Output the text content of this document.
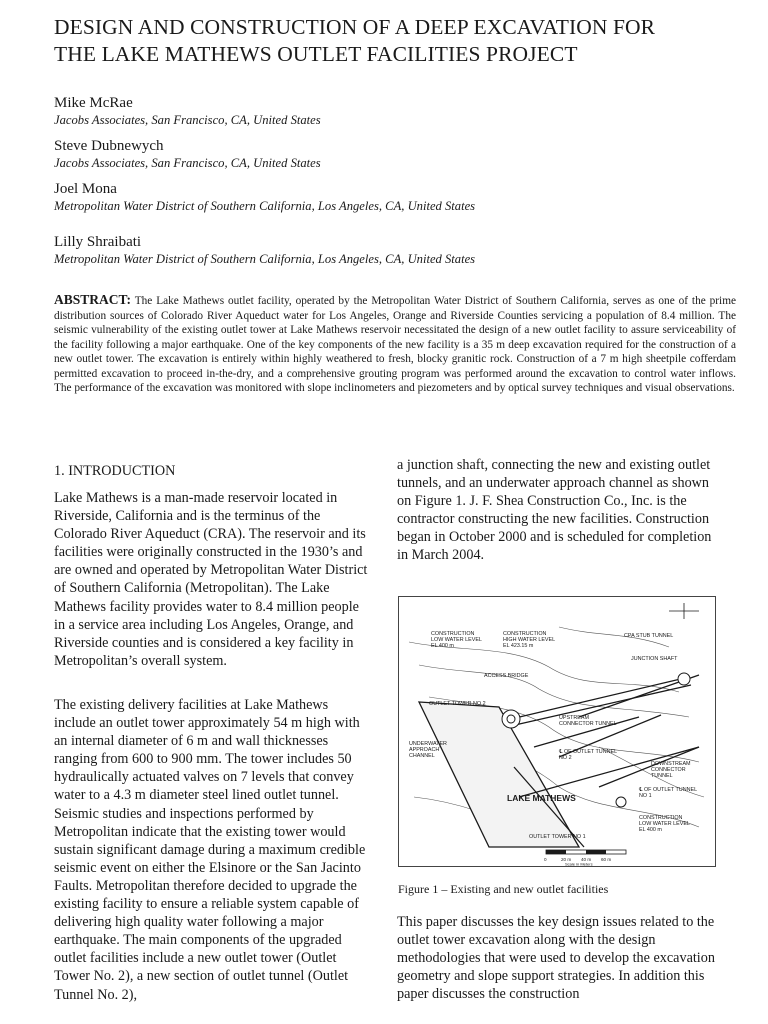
DESIGN AND CONSTRUCTION OF A DEEP EXCAVATION FOR
THE LAKE MATHEWS OUTLET FACILITIES PROJECT
Mike McRae
Jacobs Associates, San Francisco, CA, United States
Steve Dubnewych
Jacobs Associates, San Francisco, CA, United States
Joel Mona
Metropolitan Water District of Southern California, Los Angeles, CA, United States
Lilly Shraibati
Metropolitan Water District of Southern California, Los Angeles, CA, United States
ABSTRACT: The Lake Mathews outlet facility, operated by the Metropolitan Water District of Southern California, serves as one of the prime distribution sources of Colorado River Aqueduct water for Los Angeles, Orange and Riverside Counties servicing a population of 8.4 million. The seismic vulnerability of the existing outlet tower at Lake Mathews reservoir necessitated the design of a new outlet facility to assure serviceability of the facility following a major earthquake. One of the key components of the new facility is a 35 m deep excavation required for the construction of a new outlet tower. The excavation is entirely within highly weathered to fresh, blocky granitic rock. Construction of a 7 m high sheetpile cofferdam permitted excavation to proceed in-the-dry, and a comprehensive grouting program was performed around the excavation to control water inflows. The performance of the excavation was monitored with slope inclinometers and piezometers and by optical survey techniques and visual observations.
1. INTRODUCTION

Lake Mathews is a man-made reservoir located in Riverside, California and is the terminus of the Colorado River Aqueduct (CRA). The reservoir and its facilities were originally constructed in the 1930’s and are owned and operated by Metropolitan Water District of Southern California (Metropolitan). The Lake Mathews facility provides water to 8.4 million people in a service area including Los Angeles, Orange, and Riverside counties and is considered a key facility in Metropolitan’s overall system.

The existing delivery facilities at Lake Mathews include an outlet tower approximately 54 m high with an internal diameter of 6 m and wall thicknesses ranging from 600 to 900 mm. The tower includes 50 hydraulically actuated valves on 7 levels that convey water to a 4.3 m diameter steel lined outlet tunnel. Seismic studies and inspections performed by Metropolitan indicate that the existing tower would sustain significant damage during a maximum credible seismic event on either the Elsinore or the San Jacinto Faults. Metropolitan therefore decided to upgrade the existing facility to ensure a reliable system capable of delivering high quality water following a major earthquake. The main components of the upgraded outlet facilities include a new outlet tower (Outlet Tower No. 2), a new section of outlet tunnel (Outlet Tunnel No. 2),

a junction shaft, connecting the new and existing outlet tunnels, and an underwater approach channel as shown on Figure 1. J. F. Shea Construction Co., Inc. is the contractor constructing the new facilities. Construction began in October 2000 and is scheduled for completion in March 2004.

CONSTRUCTION LOW WATER LEVEL EL 400 m
CONSTRUCTION HIGH WATER LEVEL EL 423.15 m
CPA STUB TUNNEL
JUNCTION SHAFT
ACCESS BRIDGE
OUTLET TOWER NO 2
UPSTREAM CONNECTOR TUNNEL
UNDERWATER APPROACH CHANNEL
℄ OF OUTLET TUNNEL NO 2
DOWNSTREAM CONNECTOR TUNNEL
℄ OF OUTLET TUNNEL NO 1
OUTLET TOWER NO 1
CONSTRUCTION LOW WATER LEVEL EL 400 m
0	20 m 40 m 60 m
Scale in Meters
LAKE MATHEWS
Figure 1 – Existing and new outlet facilities

This paper discusses the key design issues related to the outlet tower excavation along with the design methodologies that were used to develop the excavation geometry and slope support strategies. In addition this paper discusses the construction
